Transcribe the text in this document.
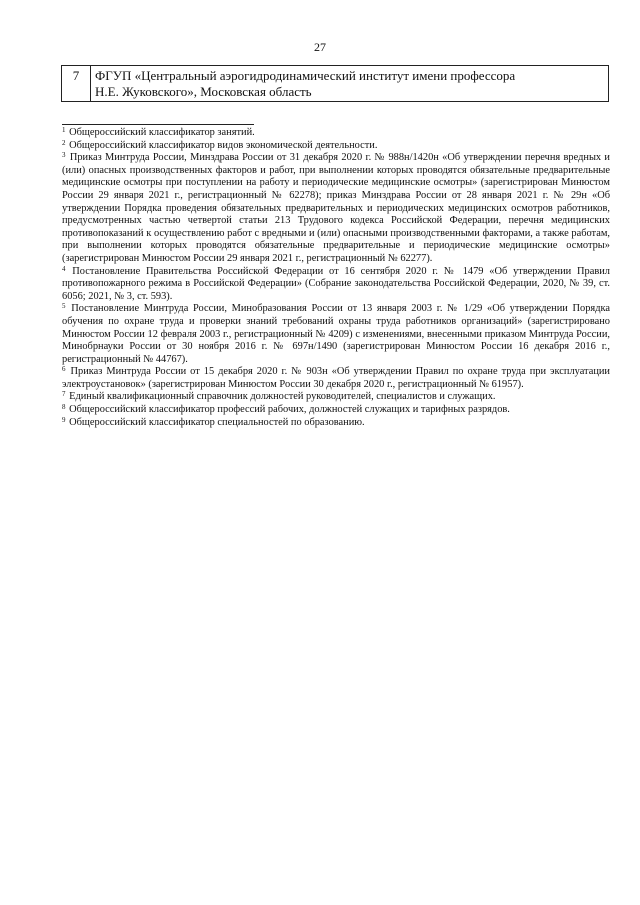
27
7	ФГУП «Центральный аэрогидродинамический институт имени профессора
Н.Е. Жуковского», Московская область

$^1$ Общероссийский классификатор занятий.

$^2$ Общероссийский классификатор видов экономической деятельности.

$^3$ Приказ Минтруда России, Минздрава России от 31 декабря 2020 г. № 988н/1420н «Об утверждении перечня вредных и (или) опасных производственных факторов и работ, при выполнении которых проводятся обязательные предварительные медицинские осмотры при поступлении на работу и периодические медицинские осмотры» (зарегистрирован Минюстом России 29 января 2021 г., регистрационный № 62278); приказ Минздрава России от 28 января 2021 г. № 29н «Об утверждении Порядка проведения обязательных предварительных и периодических медицинских осмотров работников, предусмотренных частью четвертой статьи 213 Трудового кодекса Российской Федерации, перечня медицинских противопоказаний к осуществлению работ с вредными и (или) опасными производственными факторами, а также работам, при выполнении которых проводятся обязательные предварительные и периодические медицинские осмотры» (зарегистрирован Минюстом России 29 января 2021 г., регистрационный № 62277).

$^4$ Постановление Правительства Российской Федерации от 16 сентября 2020 г. № 1479 «Об утверждении Правил противопожарного режима в Российской Федерации» (Собрание законодательства Российской Федерации, 2020, № 39, ст. 6056; 2021, № 3, ст. 593).

$^5$ Постановление Минтруда России, Минобразования России от 13 января 2003 г. № 1/29 «Об утверждении Порядка обучения по охране труда и проверки знаний требований охраны труда работников организаций» (зарегистрировано Минюстом России 12 февраля 2003 г., регистрационный № 4209) с изменениями, внесенными приказом Минтруда России, Минобрнауки России от 30 ноября 2016 г. № 697н/1490 (зарегистрирован Минюстом России 16 декабря 2016 г., регистрационный № 44767).

$^6$ Приказ Минтруда России от 15 декабря 2020 г. № 903н «Об утверждении Правил по охране труда при эксплуатации электроустановок» (зарегистрирован Минюстом России 30 декабря 2020 г., регистрационный № 61957).

$^7$ Единый квалификационный справочник должностей руководителей, специалистов и служащих.

$^8$ Общероссийский классификатор профессий рабочих, должностей служащих и тарифных разрядов.

$^9$ Общероссийский классификатор специальностей по образованию.
